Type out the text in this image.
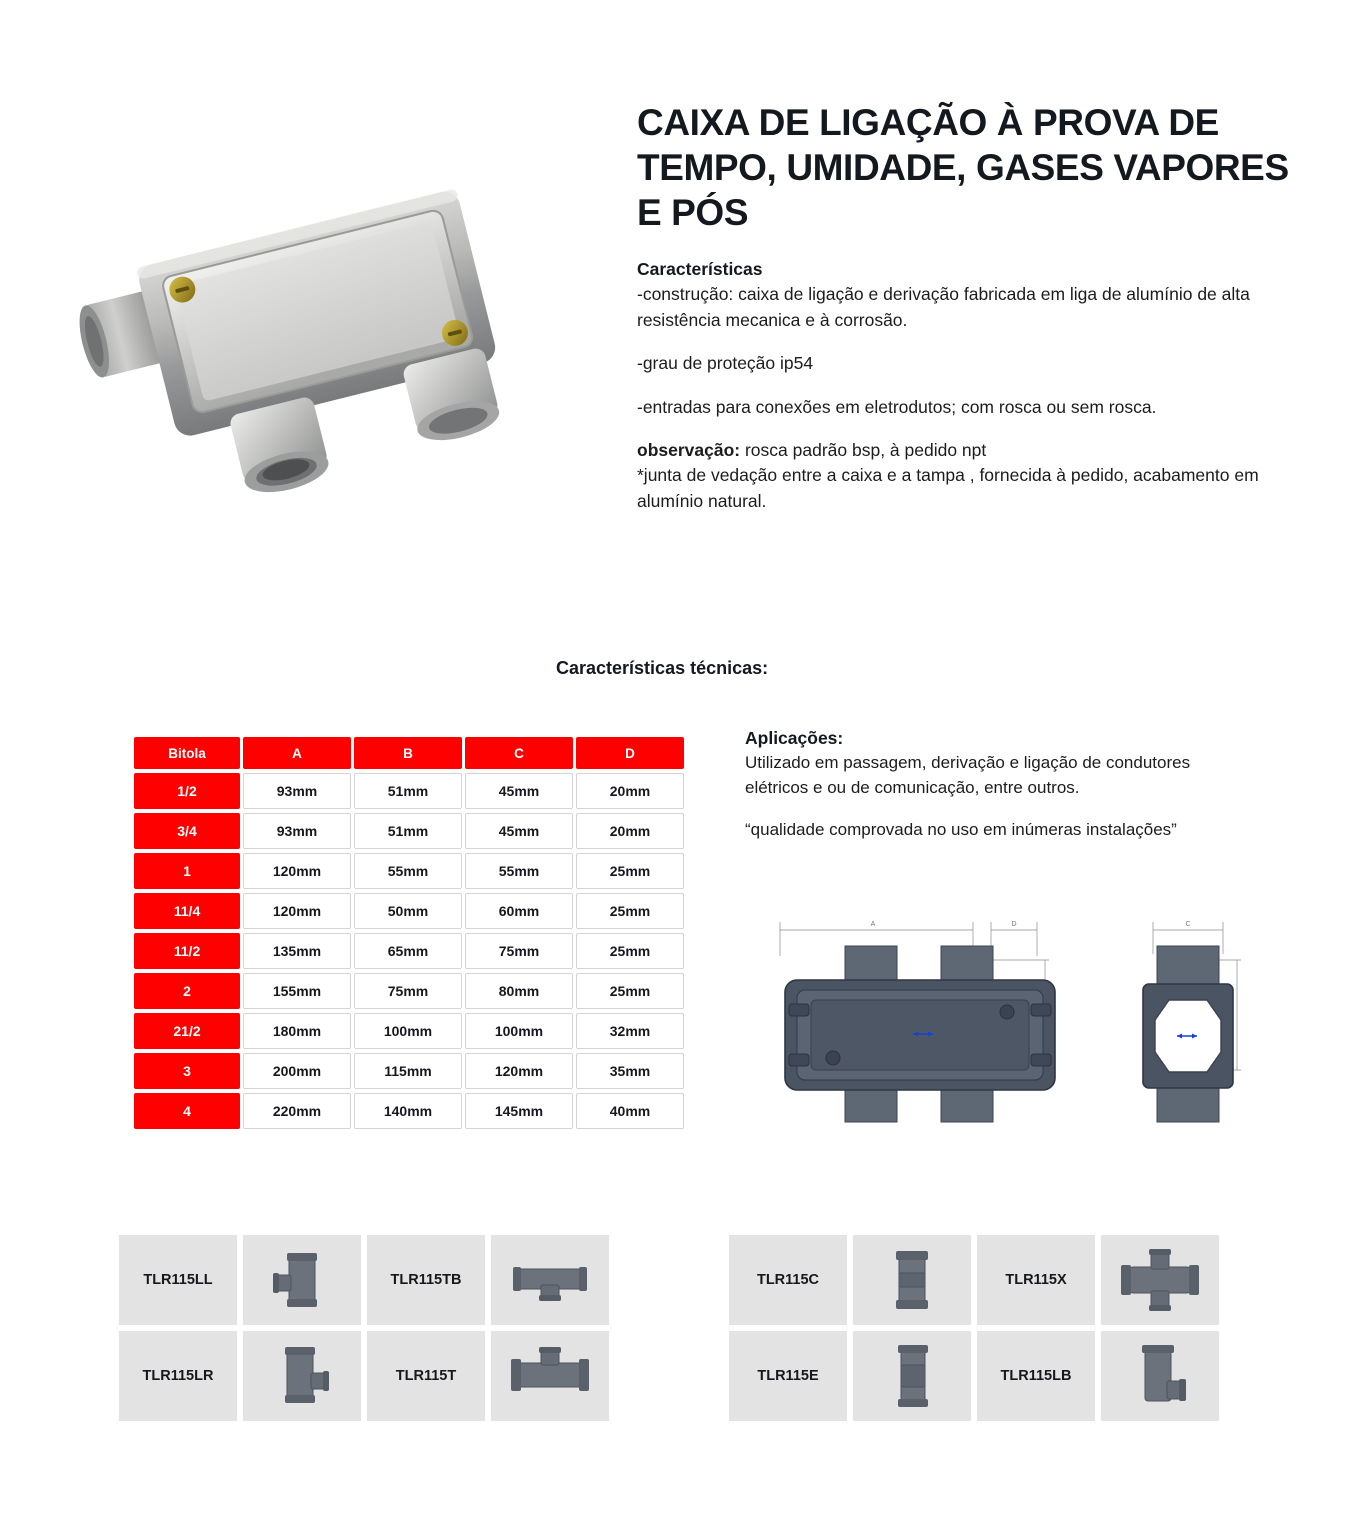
CAIXA DE LIGAÇÃO À PROVA DE TEMPO, UMIDADE, GASES VAPORES E PÓS
Características

-construção: caixa de ligação e derivação fabricada em liga de alumínio de alta resistência mecanica e à corrosão.

-grau de proteção ip54

-entradas para conexões em eletrodutos; com rosca ou sem rosca.

observação: rosca padrão bsp, à pedido npt
*junta de vedação entre a caixa e a tampa , fornecida à pedido, acabamento em alumínio natural.

Características técnicas:
Bitola	A	B	C	D
1/2	93mm	51mm	45mm	20mm
3/4	93mm	51mm	45mm	20mm
1	120mm	55mm	55mm	25mm
11/4	120mm	50mm	60mm	25mm
11/2	135mm	65mm	75mm	25mm
2	155mm	75mm	80mm	25mm
21/2	180mm	100mm	100mm	32mm
3	200mm	115mm	120mm	35mm
4	220mm	140mm	145mm	40mm
Aplicações:

Utilizado em passagem, derivação e ligação de condutores elétricos e ou de comunicação, entre outros.

“qualidade comprovada no uso em inúmeras instalações”

A	D	C
TLR115LL	TLR115TB
TLR115LR	TLR115T
TLR115C	TLR115X
TLR115E	TLR115LB
